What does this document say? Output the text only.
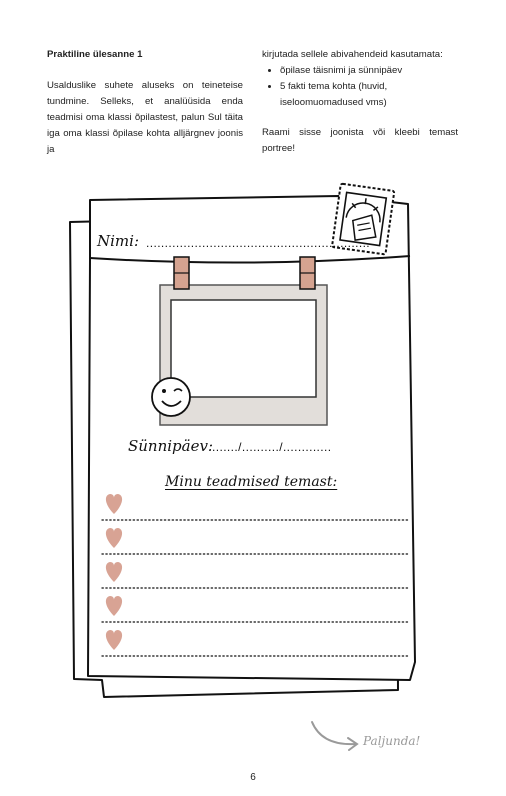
Praktiline ülesanne 1

Usalduslike suhete aluseks on teineteise tundmine. Selleks, et analüüsida enda teadmisi oma klassi õpilastest, palun Sul täita iga oma klassi õpilase kohta alljärgnev joonis ja

kirjutada sellele abivahendeid kasutamata:

• õpilase täisnimi ja sünnipäev
• 5 fakti tema kohta (huvid, iseloomuomadused vms)

Raami sisse joonista või kleebi temast portree!

Nimi: ............................................................
Sünnipäev:
......./........../.............
Minu teadmised temast:
Paljunda!
6
